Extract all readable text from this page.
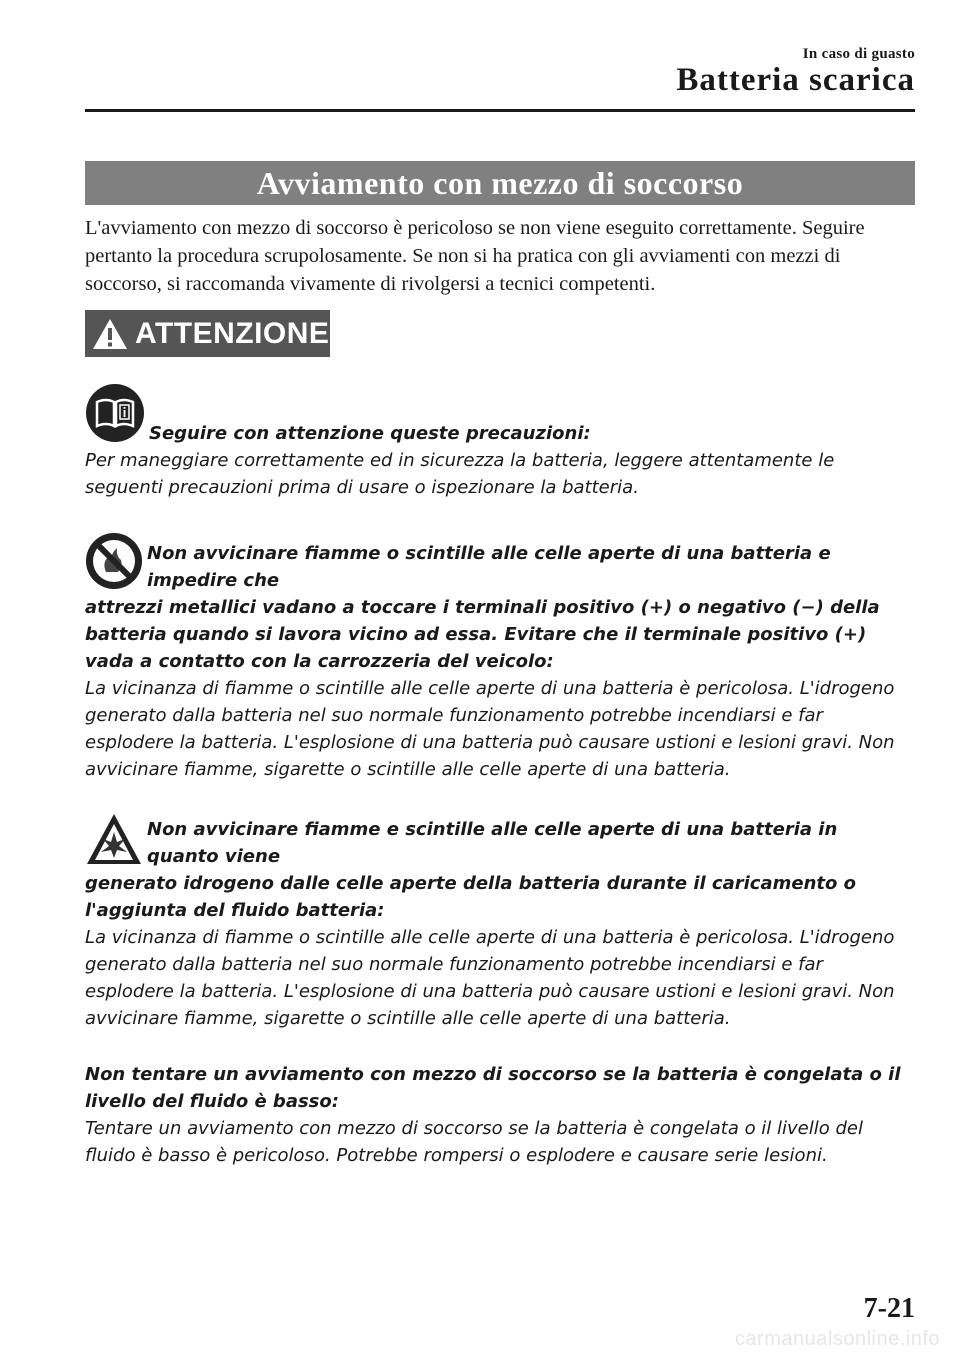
In caso di guasto
Batteria scarica
Avviamento con mezzo di soccorso

L'avviamento con mezzo di soccorso è pericoloso se non viene eseguito correttamente. Seguire pertanto la procedura scrupolosamente. Se non si ha pratica con gli avviamenti con mezzi di soccorso, si raccomanda vivamente di rivolgersi a tecnici competenti.

ATTENZIONE
Seguire con attenzione queste precauzioni:

Per maneggiare correttamente ed in sicurezza la batteria, leggere attentamente le seguenti precauzioni prima di usare o ispezionare la batteria.

Non avvicinare fiamme o scintille alle celle aperte di una batteria e impedire che

attrezzi metallici vadano a toccare i terminali positivo (+) o negativo (−) della batteria quando si lavora vicino ad essa. Evitare che il terminale positivo (+) vada a contatto con la carrozzeria del veicolo:

La vicinanza di fiamme o scintille alle celle aperte di una batteria è pericolosa. L'idrogeno generato dalla batteria nel suo normale funzionamento potrebbe incendiarsi e far esplodere la batteria. L'esplosione di una batteria può causare ustioni e lesioni gravi. Non avvicinare fiamme, sigarette o scintille alle celle aperte di una batteria.

Non avvicinare fiamme e scintille alle celle aperte di una batteria in quanto viene

generato idrogeno dalle celle aperte della batteria durante il caricamento o l'aggiunta del fluido batteria:

La vicinanza di fiamme o scintille alle celle aperte di una batteria è pericolosa. L'idrogeno generato dalla batteria nel suo normale funzionamento potrebbe incendiarsi e far esplodere la batteria. L'esplosione di una batteria può causare ustioni e lesioni gravi. Non avvicinare fiamme, sigarette o scintille alle celle aperte di una batteria.

Non tentare un avviamento con mezzo di soccorso se la batteria è congelata o il livello del fluido è basso:

Tentare un avviamento con mezzo di soccorso se la batteria è congelata o il livello del fluido è basso è pericoloso. Potrebbe rompersi o esplodere e causare serie lesioni.

7-21
carmanualsonline.info
